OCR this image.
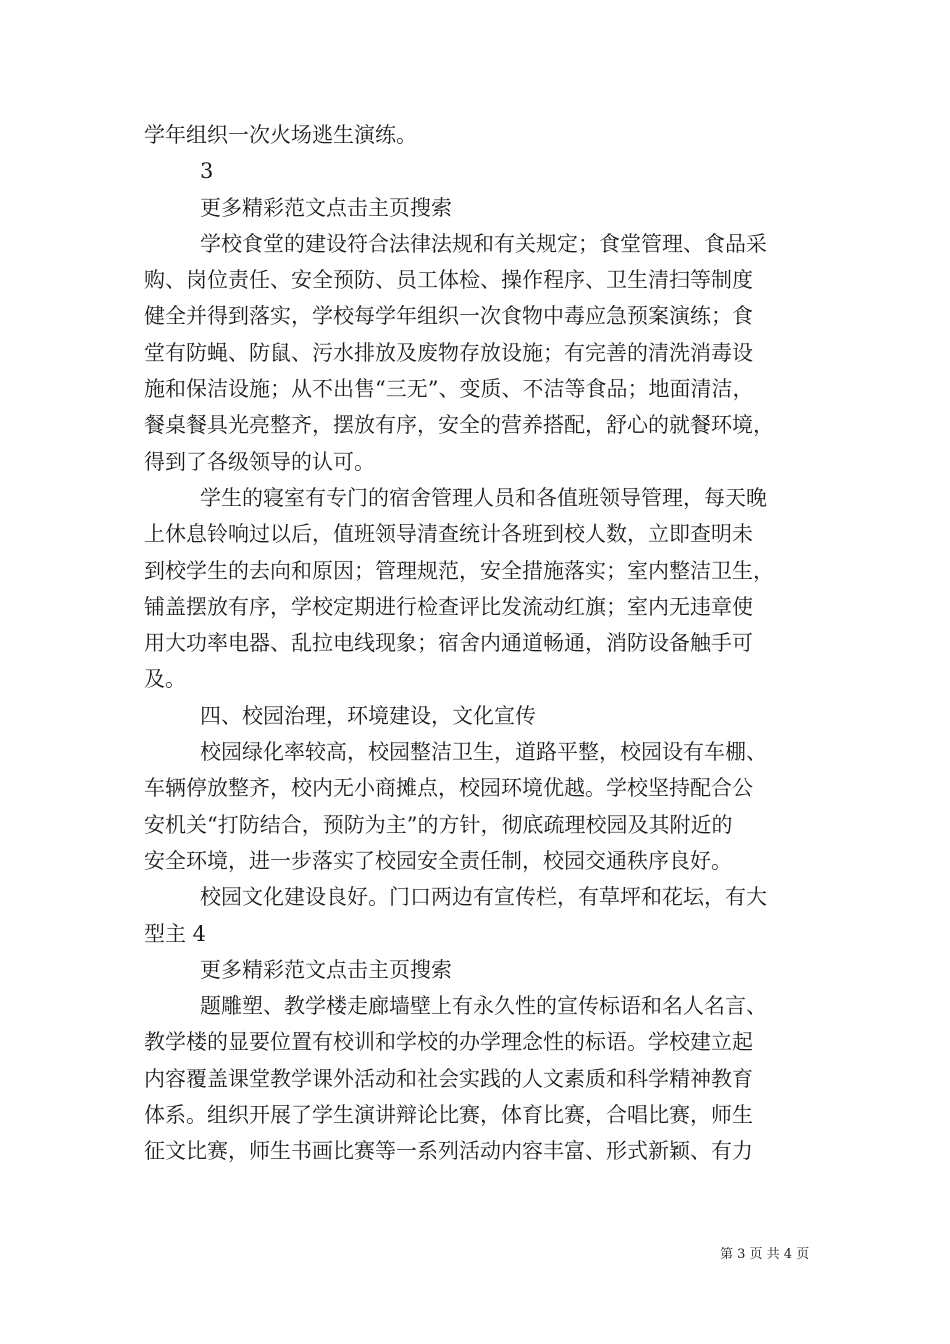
学年组织一次火场逃生演练。
3
更多精彩范文点击主页搜索
学校食堂的建设符合法律法规和有关规定；食堂管理、食品采
购、岗位责任、安全预防、员工体检、操作程序、卫生清扫等制度
健全并得到落实，学校每学年组织一次食物中毒应急预案演练；食
堂有防蝇、防鼠、污水排放及废物存放设施；有完善的清洗消毒设
施和保洁设施；从不出售“三无”、变质、不洁等食品；地面清洁，
餐桌餐具光亮整齐，摆放有序，安全的营养搭配，舒心的就餐环境，
得到了各级领导的认可。
学生的寝室有专门的宿舍管理人员和各值班领导管理，每天晚
上休息铃响过以后，值班领导清查统计各班到校人数，立即查明未
到校学生的去向和原因；管理规范，安全措施落实；室内整洁卫生，
铺盖摆放有序，学校定期进行检查评比发流动红旗；室内无违章使
用大功率电器、乱拉电线现象；宿舍内通道畅通，消防设备触手可
及。
四、校园治理，环境建设，文化宣传
校园绿化率较高，校园整洁卫生，道路平整，校园设有车棚、
车辆停放整齐，校内无小商摊点，校园环境优越。学校坚持配合公
安机关“打防结合，预防为主”的方针，彻底疏理校园及其附近的
安全环境，进一步落实了校园安全责任制，校园交通秩序良好。
校园文化建设良好。门口两边有宣传栏，有草坪和花坛，有大
型主 4
更多精彩范文点击主页搜索
题雕塑、教学楼走廊墙壁上有永久性的宣传标语和名人名言、
教学楼的显要位置有校训和学校的办学理念性的标语。学校建立起
内容覆盖课堂教学课外活动和社会实践的人文素质和科学精神教育
体系。组织开展了学生演讲辩论比赛，体育比赛，合唱比赛，师生
征文比赛，师生书画比赛等一系列活动内容丰富、形式新颖、有力
第 3 页 共 4 页
